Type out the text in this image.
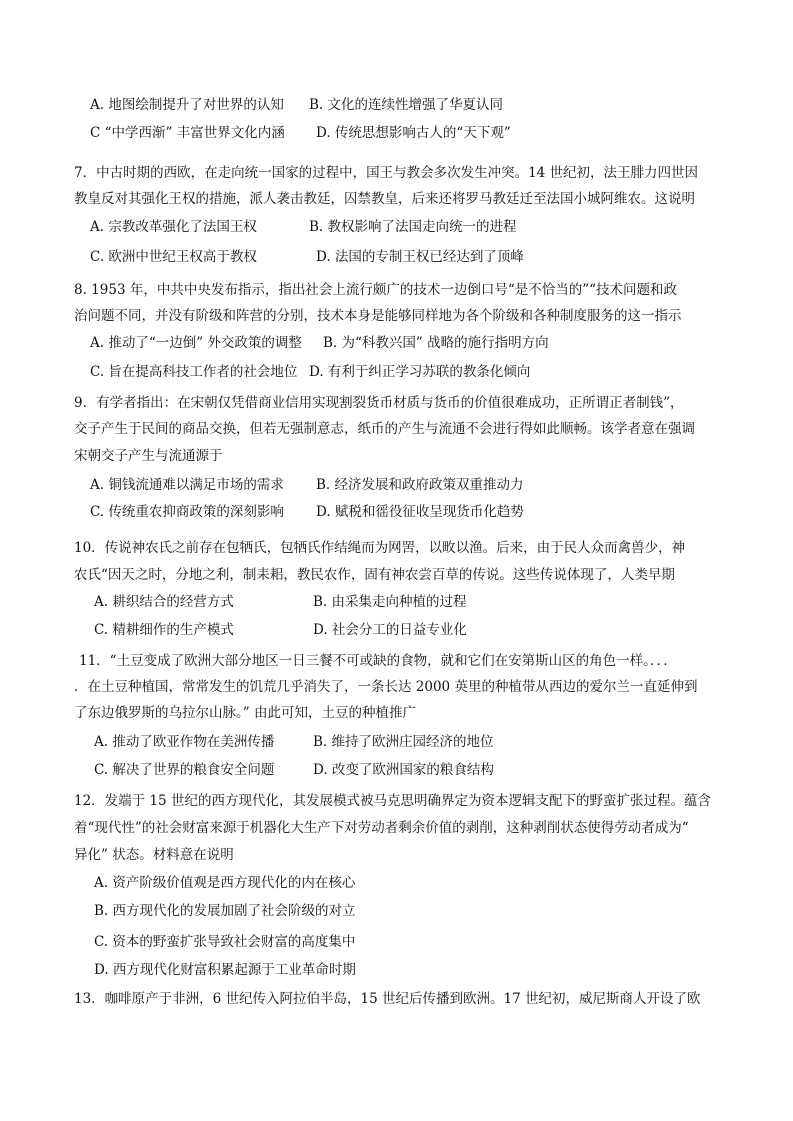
A. 地图绘制提升了对世界的认知 B. 文化的连续性增强了华夏认同
C “中学西渐” 丰富世界文化内涵 D. 传统思想影响古人的“天下观”
7．中古时期的西欧，在走向统一国家的过程中，国王与教会多次发生冲突。14 世纪初，法王腓力四世因
教皇反对其强化王权的措施，派人袭击教廷，囚禁教皇，后来还将罗马教廷迁至法国小城阿维农。这说明
A. 宗教改革强化了法国王权	B. 教权影响了法国走向统一的进程
C. 欧洲中世纪王权高于教权	D. 法国的专制王权已经达到了顶峰
8. 1953 年，中共中央发布指示，指出社会上流行颇广的技术一边倒口号“是不恰当的”“技术问题和政
治问题不同，并没有阶级和阵营的分别，技术本身是能够同样地为各个阶级和各种制度服务的这一指示
A. 推动了“一边倒” 外交政策的调整 B. 为“科教兴国” 战略的施行指明方向
C. 旨在提高科技工作者的社会地位 D. 有利于纠正学习苏联的教条化倾向
9．有学者指出：在宋朝仅凭借商业信用实现割裂货币材质与货币的价值很难成功，正所谓正者制钱”，
交子产生于民间的商品交换，但若无强制意志，纸币的产生与流通不会进行得如此顺畅。该学者意在强调
宋朝交子产生与流通源于
A. 铜钱流通难以满足市场的需求 B. 经济发展和政府政策双重推动力
C. 传统重农抑商政策的深刻影响 D. 赋税和徭役征收呈现货币化趋势
10．传说神农氏之前存在包牺氏，包牺氏作结绳而为网罟，以畋以渔。后来，由于民人众而禽兽少，神
农氏“因天之时，分地之利，制耒耜，教民农作，固有神农尝百草的传说。这些传说体现了，人类早期
A. 耕织结合的经营方式	B. 由采集走向种植的过程
C. 精耕细作的生产模式	D. 社会分工的日益专业化
11．“土豆变成了欧洲大部分地区一日三餐不可或缺的食物，就和它们在安第斯山区的角色一样。．．．
．在土豆种植国，常常发生的饥荒几乎消失了，一条长达 2000 英里的种植带从西边的爱尔兰一直延伸到
了东边俄罗斯的乌拉尔山脉。” 由此可知，土豆的种植推广
A. 推动了欧亚作物在美洲传播	B. 维持了欧洲庄园经济的地位
C. 解决了世界的粮食安全问题	D. 改变了欧洲国家的粮食结构
12．发端于 15 世纪的西方现代化，其发展模式被马克思明确界定为资本逻辑支配下的野蛮扩张过程。蕴含
着“现代性”的社会财富来源于机器化大生产下对劳动者剩余价值的剥削，这种剥削状态使得劳动者成为“
异化” 状态。材料意在说明
A. 资产阶级价值观是西方现代化的内在核心
B. 西方现代化的发展加剧了社会阶级的对立
C. 资本的野蛮扩张导致社会财富的高度集中
D. 西方现代化财富积累起源于工业革命时期
13．咖啡原产于非洲，6 世纪传入阿拉伯半岛，15 世纪后传播到欧洲。17 世纪初，威尼斯商人开设了欧
